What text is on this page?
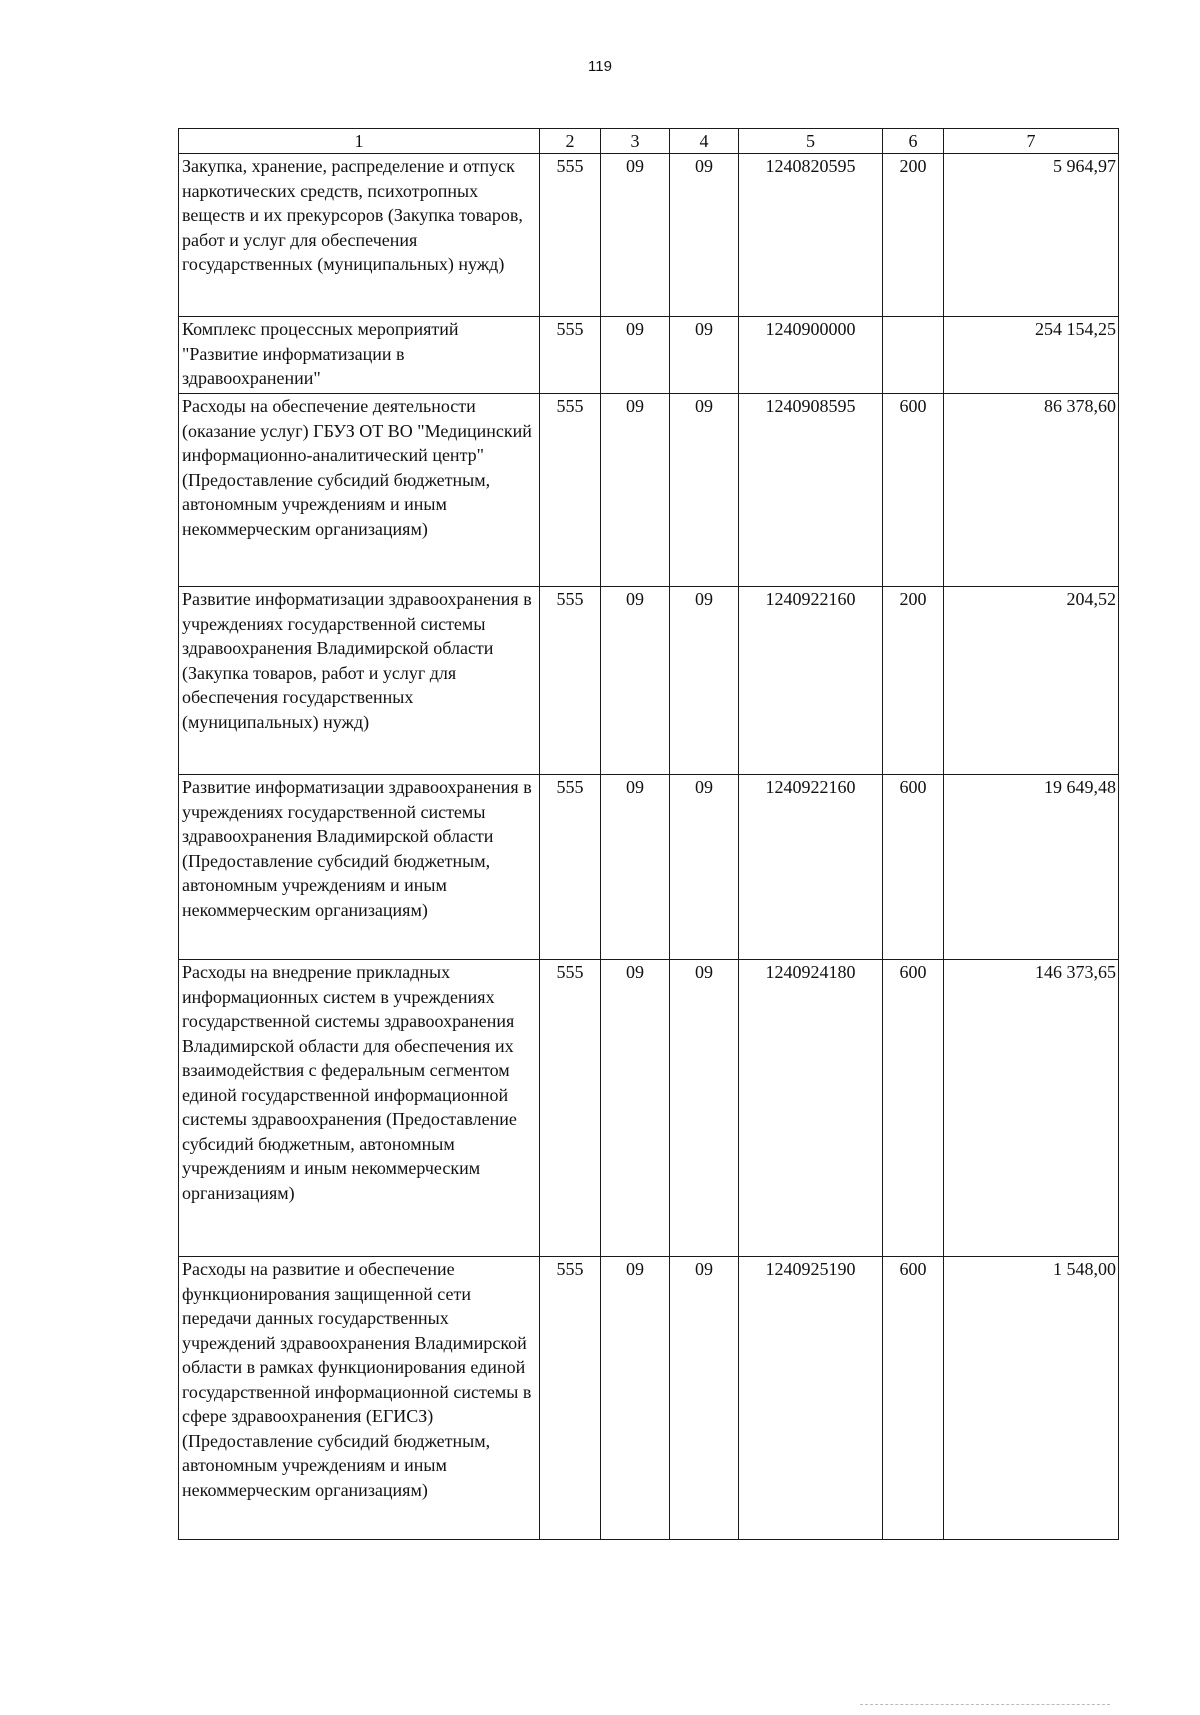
119
1	2	3	4	5	6	7
Закупка, хранение, распределение и отпуск наркотических средств, психотропных веществ и их прекурсоров (Закупка товаров, работ и услуг для обеспечения государственных (муниципальных) нужд)	555	09	09	1240820595	200	5 964,97
Комплекс процессных мероприятий "Развитие информатизации в здравоохранении"	555	09	09	1240900000		254 154,25
Расходы на обеспечение деятельности (оказание услуг) ГБУЗ ОТ ВО "Медицинский информационно-аналитический центр" (Предоставление субсидий бюджетным, автономным учреждениям и иным некоммерческим организациям)	555	09	09	1240908595	600	86 378,60
Развитие информатизации здравоохранения в учреждениях государственной системы здравоохранения Владимирской области (Закупка товаров, работ и услуг для обеспечения государственных (муниципальных) нужд)	555	09	09	1240922160	200	204,52
Развитие информатизации здравоохранения в учреждениях государственной системы здравоохранения Владимирской области (Предоставление субсидий бюджетным, автономным учреждениям и иным некоммерческим организациям)	555	09	09	1240922160	600	19 649,48
Расходы на внедрение прикладных информационных систем в учреждениях государственной системы здравоохранения Владимирской области для обеспечения их взаимодействия с федеральным сегментом единой государственной информационной системы здравоохранения (Предоставление субсидий бюджетным, автономным учреждениям и иным некоммерческим организациям)	555	09	09	1240924180	600	146 373,65
Расходы на развитие и обеспечение функционирования защищенной сети передачи данных государственных учреждений здравоохранения Владимирской области в рамках функционирования единой государственной информационной системы в сфере здравоохранения (ЕГИСЗ) (Предоставление субсидий бюджетным, автономным учреждениям и иным некоммерческим организациям)	555	09	09	1240925190	600	1 548,00
